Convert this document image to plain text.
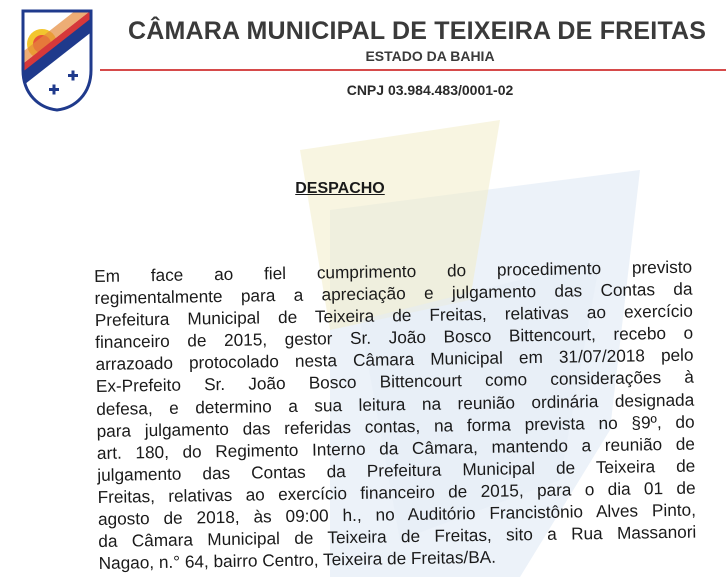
CÂMARA MUNICIPAL DE TEIXEIRA DE FREITAS
ESTADO DA BAHIA
CNPJ 03.984.483/0001-02
DESPACHO
Em face ao fiel cumprimento do procedimento previsto
regimentalmente para a apreciação e julgamento das Contas da
Prefeitura Municipal de Teixeira de Freitas, relativas ao exercício
financeiro de 2015, gestor Sr. João Bosco Bittencourt, recebo o
arrazoado protocolado nesta Câmara Municipal em 31/07/2018 pelo
Ex-Prefeito Sr. João Bosco Bittencourt como considerações à
defesa, e determino a sua leitura na reunião ordinária designada
para julgamento das referidas contas, na forma prevista no §9º, do
art. 180, do Regimento Interno da Câmara, mantendo a reunião de
julgamento das Contas da Prefeitura Municipal de Teixeira de
Freitas, relativas ao exercício financeiro de 2015, para o dia 01 de
agosto de 2018, às 09:00 h., no Auditório Francistônio Alves Pinto,
da Câmara Municipal de Teixeira de Freitas, sito a Rua Massanori
Nagao, n.° 64, bairro Centro, Teixeira de Freitas/BA.
